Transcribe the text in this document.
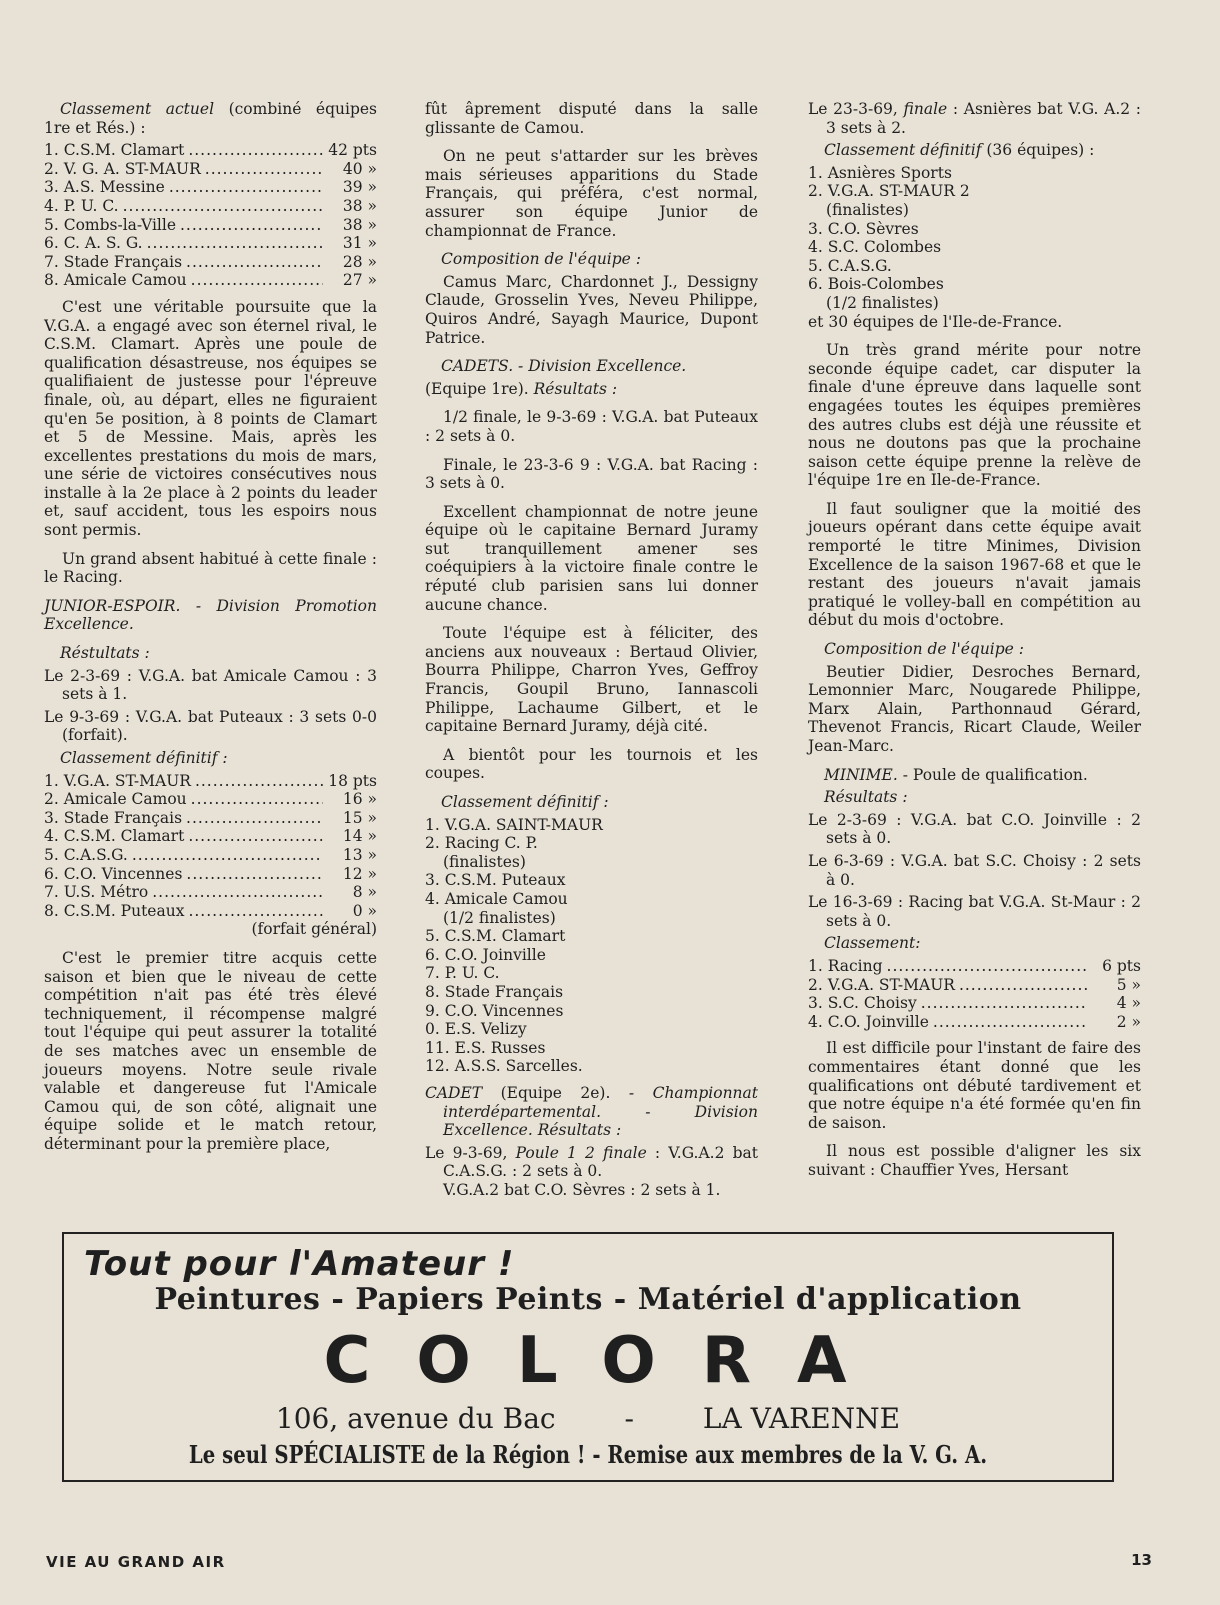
Classement actuel (combiné équipes 1re et Rés.) :

1. C.S.M. Clamart .....	42 pts
2. V. G. A. ST-MAUR .....	40 »
3. A.S. Messine .....	39 »
4. P. U. C. .....	38 »
5. Combs-la-Ville .....	38 »
6. C. A. S. G. .....	31 »
7. Stade Français .....	28 »
8. Amicale Camou .....	27 »

C'est une véritable poursuite que la V.G.A. a engagé avec son éternel rival, le C.S.M. Clamart. Après une poule de qualification désastreuse, nos équipes se qualifiaient de justesse pour l'épreuve finale, où, au départ, elles ne figuraient qu'en 5e position, à 8 points de Clamart et 5 de Messine. Mais, après les excellentes prestations du mois de mars, une série de victoires consécutives nous installe à la 2e place à 2 points du leader et, sauf accident, tous les espoirs nous sont permis.

Un grand absent habitué à cette finale : le Racing.

JUNIOR-ESPOIR. - Division Promotion Excellence.

Réstultats :

Le 2-3-69 : V.G.A. bat Amicale Camou : 3 sets à 1.

Le 9-3-69 : V.G.A. bat Puteaux : 3 sets 0-0 (forfait).

Classement définitif :

1. V.G.A. ST-MAUR .....	18 pts
2. Amicale Camou .....	16 »
3. Stade Français .....	15 »
4. C.S.M. Clamart .....	14 »
5. C.A.S.G. .....	13 »
6. C.O. Vincennes .....	12 »
7. U.S. Métro .....	8 »
8. C.S.M. Puteaux .....	0 »

(forfait général)

C'est le premier titre acquis cette saison et bien que le niveau de cette compétition n'ait pas été très élevé techniquement, il récompense malgré tout l'équipe qui peut assurer la totalité de ses matches avec un ensemble de joueurs moyens. Notre seule rivale valable et dangereuse fut l'Amicale Camou qui, de son côté, alignait une équipe solide et le match retour, déterminant pour la première place,

fût âprement disputé dans la salle glissante de Camou.

On ne peut s'attarder sur les brèves mais sérieuses apparitions du Stade Français, qui préféra, c'est normal, assurer son équipe Junior de championnat de France.

Composition de l'équipe :

Camus Marc, Chardonnet J., Dessigny Claude, Grosselin Yves, Neveu Philippe, Quiros André, Sayagh Maurice, Dupont Patrice.

CADETS. - Division Excellence.

(Equipe 1re). Résultats :

1/2 finale, le 9-3-69 : V.G.A. bat Puteaux : 2 sets à 0.

Finale, le 23-3-6 9 : V.G.A. bat Racing : 3 sets à 0.

Excellent championnat de notre jeune équipe où le capitaine Bernard Juramy sut tranquillement amener ses coéquipiers à la victoire finale contre le réputé club parisien sans lui donner aucune chance.

Toute l'équipe est à féliciter, des anciens aux nouveaux : Bertaud Olivier, Bourra Philippe, Charron Yves, Geffroy Francis, Goupil Bruno, Iannascoli Philippe, Lachaume Gilbert, et le capitaine Bernard Juramy, déjà cité.

A bientôt pour les tournois et les coupes.

Classement définitif :

1. V.G.A. SAINT-MAUR

2. Racing C. P.

(finalistes)

3. C.S.M. Puteaux

4. Amicale Camou

(1/2 finalistes)

5. C.S.M. Clamart

6. C.O. Joinville

7. P. U. C.

8. Stade Français

9. C.O. Vincennes

0. E.S. Velizy

11. E.S. Russes

12. A.S.S. Sarcelles.

CADET (Equipe 2e). - Championnat interdépartemental. - Division Excellence. Résultats :

Le 9-3-69, Poule 1 2 finale : V.G.A.2 bat C.A.S.G. : 2 sets à 0.

V.G.A.2 bat C.O. Sèvres : 2 sets à 1.

Le 23-3-69, finale : Asnières bat V.G. A.2 : 3 sets à 2.

Classement définitif (36 équipes) :

1. Asnières Sports

2. V.G.A. ST-MAUR 2

(finalistes)

3. C.O. Sèvres

4. S.C. Colombes

5. C.A.S.G.

6. Bois-Colombes

(1/2 finalistes)

et 30 équipes de l'Ile-de-France.

Un très grand mérite pour notre seconde équipe cadet, car disputer la finale d'une épreuve dans laquelle sont engagées toutes les équipes premières des autres clubs est déjà une réussite et nous ne doutons pas que la prochaine saison cette équipe prenne la relève de l'équipe 1re en Ile-de-France.

Il faut souligner que la moitié des joueurs opérant dans cette équipe avait remporté le titre Minimes, Division Excellence de la saison 1967-68 et que le restant des joueurs n'avait jamais pratiqué le volley-ball en compétition au début du mois d'octobre.

Composition de l'équipe :

Beutier Didier, Desroches Bernard, Lemonnier Marc, Nougarede Philippe, Marx Alain, Parthonnaud Gérard, Thevenot Francis, Ricart Claude, Weiler Jean-Marc.

MINIME. - Poule de qualification.

Résultats :

Le 2-3-69 : V.G.A. bat C.O. Joinville : 2 sets à 0.

Le 6-3-69 : V.G.A. bat S.C. Choisy : 2 sets à 0.

Le 16-3-69 : Racing bat V.G.A. St-Maur : 2 sets à 0.

Classement:

1. Racing .....	6 pts
2. V.G.A. ST-MAUR .....	5 »
3. S.C. Choisy .....	4 »
4. C.O. Joinville .....	2 »

Il est difficile pour l'instant de faire des commentaires étant donné que les qualifications ont débuté tardivement et que notre équipe n'a été formée qu'en fin de saison.

Il nous est possible d'aligner les six suivant : Chauffier Yves, Hersant

Tout pour l'Amateur !
Peintures - Papiers Peints - Matériel d'application
COLORA
106, avenue du Bac - LA VARENNE
Le seul SPÉCIALISTE de la Région ! - Remise aux membres de la V. G. A.
VIE AU GRAND AIR	13
